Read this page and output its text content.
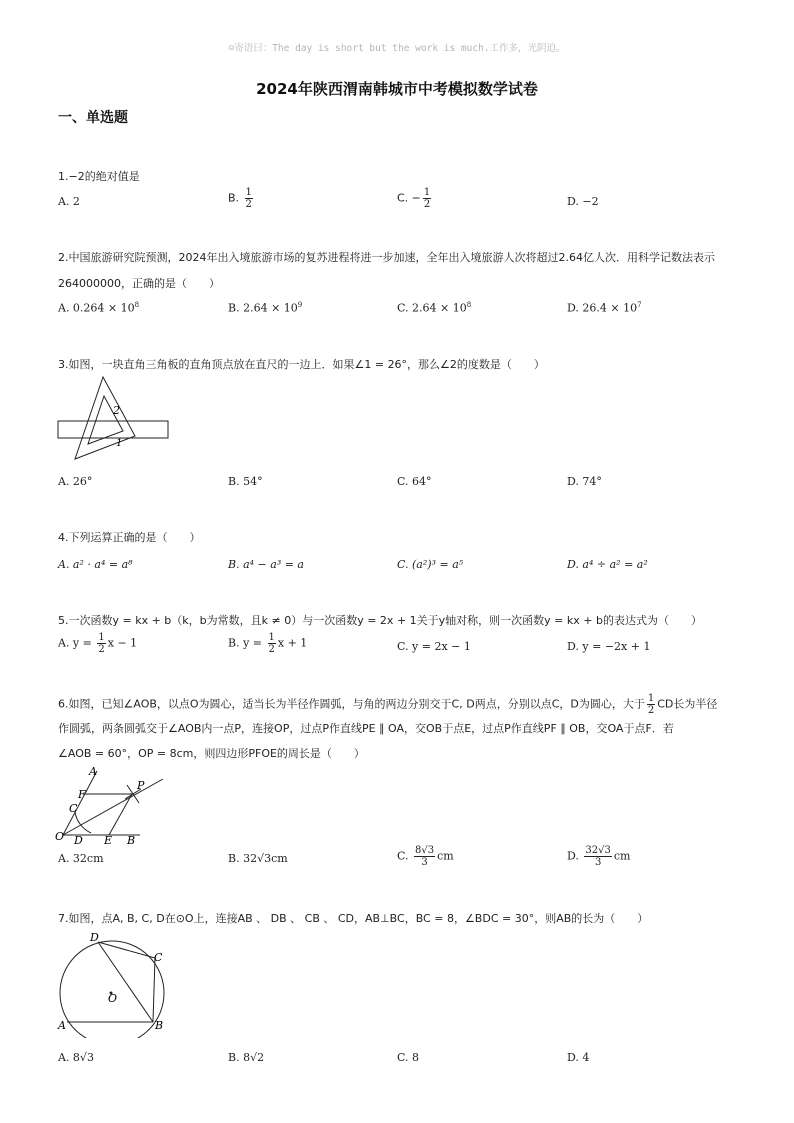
☺寄语曰：The day is short but the work is much.工作多，光阴迫。
2024年陕西渭南韩城市中考模拟数学试卷
一、单选题
1.−2的绝对值是
A. 2	B. $\frac{1}{2}$	C. − $\frac{1}{2}$	D. −2
2.中国旅游研究院预测，2024年出入境旅游市场的复苏进程将进一步加速，全年出入境旅游人次将超过2.64亿人次．用科学记数法表示
264000000，正确的是（　　）
A. $0.264 \times 10^8$	B. $2.64 \times 10^9$	C. $2.64 \times 10^8$	D. $26.4 \times 10^7$
3.如图，一块直角三角板的直角顶点放在直尺的一边上．如果∠1 = 26°，那么∠2的度数是（　　）
2
1
A. 26°	B. 54°	C. 64°	D. 74°
4.下列运算正确的是（　　）
A. a² · a⁴ = a⁸	B. a⁴ − a³ = a	C. (a²)³ = a⁵	D. a⁴ ÷ a² = a²
5.一次函数y = kx + b（k，b为常数，且k ≠ 0）与一次函数y = 2x + 1关于y轴对称，则一次函数y = kx + b的表达式为（　　）
A. $y = \frac{1}{2}$ x − 1	B. $y = \frac{1}{2}$ x + 1	C. y = 2x − 1	D. y = −2x + 1
6.如图，已知∠AOB，以点O为圆心，适当长为半径作圆弧，与角的两边分别交于C, D两点，分别以点C，D为圆心，大于 $\frac{1}{2}$ CD长为半径
作圆弧，两条圆弧交于∠AOB内一点P，连接OP，过点P作直线PE ∥ OA，交OB于点E，过点P作直线PF ∥ OB，交OA于点F．若
∠AOB = 60°，OP = 8cm，则四边形PFOE的周长是（　　）
A
F
P
C
O D E B
A. 32cm	B. 32√3cm	C. $\frac{8√3}{3}$ cm	D. $\frac{32√3}{3}$ cm
7.如图，点A, B, C, D在⊙O上，连接AB 、 DB 、 CB 、 CD，AB⊥BC，BC = 8，∠BDC = 30°，则AB的长为（　　）
D
C
O
A	B
A. 8√3	B. 8√2	C. 8	D. 4
